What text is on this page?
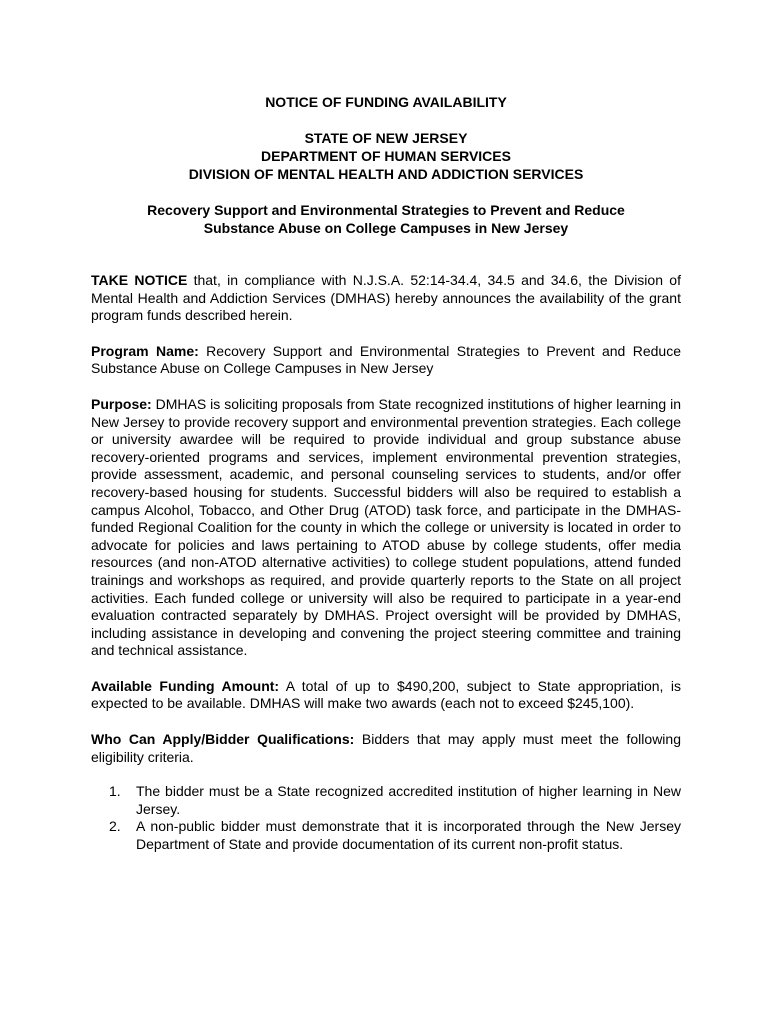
NOTICE OF FUNDING AVAILABILITY
STATE OF NEW JERSEY
DEPARTMENT OF HUMAN SERVICES
DIVISION OF MENTAL HEALTH AND ADDICTION SERVICES
Recovery Support and Environmental Strategies to Prevent and Reduce
Substance Abuse on College Campuses in New Jersey

TAKE NOTICE that, in compliance with N.J.S.A. 52:14-34.4, 34.5 and 34.6, the Division of Mental Health and Addiction Services (DMHAS) hereby announces the availability of the grant program funds described herein.

Program Name: Recovery Support and Environmental Strategies to Prevent and Reduce Substance Abuse on College Campuses in New Jersey

Purpose: DMHAS is soliciting proposals from State recognized institutions of higher learning in New Jersey to provide recovery support and environmental prevention strategies. Each college or university awardee will be required to provide individual and group substance abuse recovery-oriented programs and services, implement environmental prevention strategies, provide assessment, academic, and personal counseling services to students, and/or offer recovery-based housing for students. Successful bidders will also be required to establish a campus Alcohol, Tobacco, and Other Drug (ATOD) task force, and participate in the DMHAS-funded Regional Coalition for the county in which the college or university is located in order to advocate for policies and laws pertaining to ATOD abuse by college students, offer media resources (and non-ATOD alternative activities) to college student populations, attend funded trainings and workshops as required, and provide quarterly reports to the State on all project activities. Each funded college or university will also be required to participate in a year-end evaluation contracted separately by DMHAS. Project oversight will be provided by DMHAS, including assistance in developing and convening the project steering committee and training and technical assistance.

Available Funding Amount: A total of up to $490,200, subject to State appropriation, is expected to be available. DMHAS will make two awards (each not to exceed $245,100).

Who Can Apply/Bidder Qualifications: Bidders that may apply must meet the following eligibility criteria.

1. The bidder must be a State recognized accredited institution of higher learning in New Jersey.
2. A non-public bidder must demonstrate that it is incorporated through the New Jersey Department of State and provide documentation of its current non-profit status.
